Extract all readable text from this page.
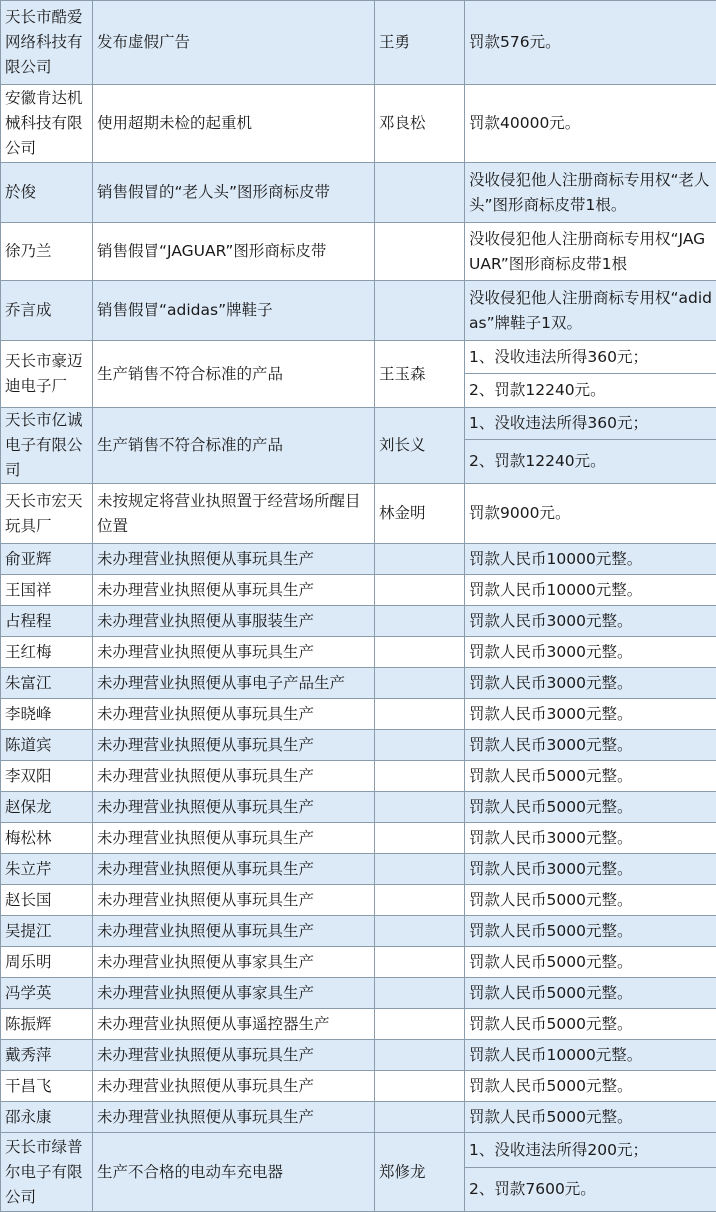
天长市酷爱网络科技有限公司	发布虚假广告	王勇	罚款576元。
安徽肯达机械科技有限公司	使用超期未检的起重机	邓良松	罚款40000元。
於俊	销售假冒的“老人头”图形商标皮带		没收侵犯他人注册商标专用权“老人头”图形商标皮带1根。
徐乃兰	销售假冒“JAGUAR”图形商标皮带		没收侵犯他人注册商标专用权“JAGUAR”图形商标皮带1根
乔言成	销售假冒“adidas”牌鞋子		没收侵犯他人注册商标专用权“adidas”牌鞋子1双。
天长市豪迈迪电子厂	生产销售不符合标准的产品	王玉森	1、没收违法所得360元；
			2、罚款12240元。
天长市亿诚电子有限公司	生产销售不符合标准的产品	刘长义	1、没收违法所得360元；
			2、罚款12240元。
天长市宏天玩具厂	未按规定将营业执照置于经营场所醒目位置	林金明	罚款9000元。
俞亚辉	未办理营业执照便从事玩具生产		罚款人民币10000元整。
王国祥	未办理营业执照便从事玩具生产		罚款人民币10000元整。
占程程	未办理营业执照便从事服装生产		罚款人民币3000元整。
王红梅	未办理营业执照便从事玩具生产		罚款人民币3000元整。
朱富江	未办理营业执照便从事电子产品生产		罚款人民币3000元整。
李晓峰	未办理营业执照便从事玩具生产		罚款人民币3000元整。
陈道宾	未办理营业执照便从事玩具生产		罚款人民币3000元整。
李双阳	未办理营业执照便从事玩具生产		罚款人民币5000元整。
赵保龙	未办理营业执照便从事玩具生产		罚款人民币5000元整。
梅松林	未办理营业执照便从事玩具生产		罚款人民币3000元整。
朱立芹	未办理营业执照便从事玩具生产		罚款人民币3000元整。
赵长国	未办理营业执照便从事玩具生产		罚款人民币5000元整。
吴提江	未办理营业执照便从事玩具生产		罚款人民币5000元整。
周乐明	未办理营业执照便从事家具生产		罚款人民币5000元整。
冯学英	未办理营业执照便从事家具生产		罚款人民币5000元整。
陈振辉	未办理营业执照便从事遥控器生产		罚款人民币5000元整。
戴秀萍	未办理营业执照便从事玩具生产		罚款人民币10000元整。
干昌飞	未办理营业执照便从事玩具生产		罚款人民币5000元整。
邵永康	未办理营业执照便从事玩具生产		罚款人民币5000元整。
天长市绿普尔电子有限公司	生产不合格的电动车充电器	郑修龙	1、没收违法所得200元；
			2、罚款7600元。
